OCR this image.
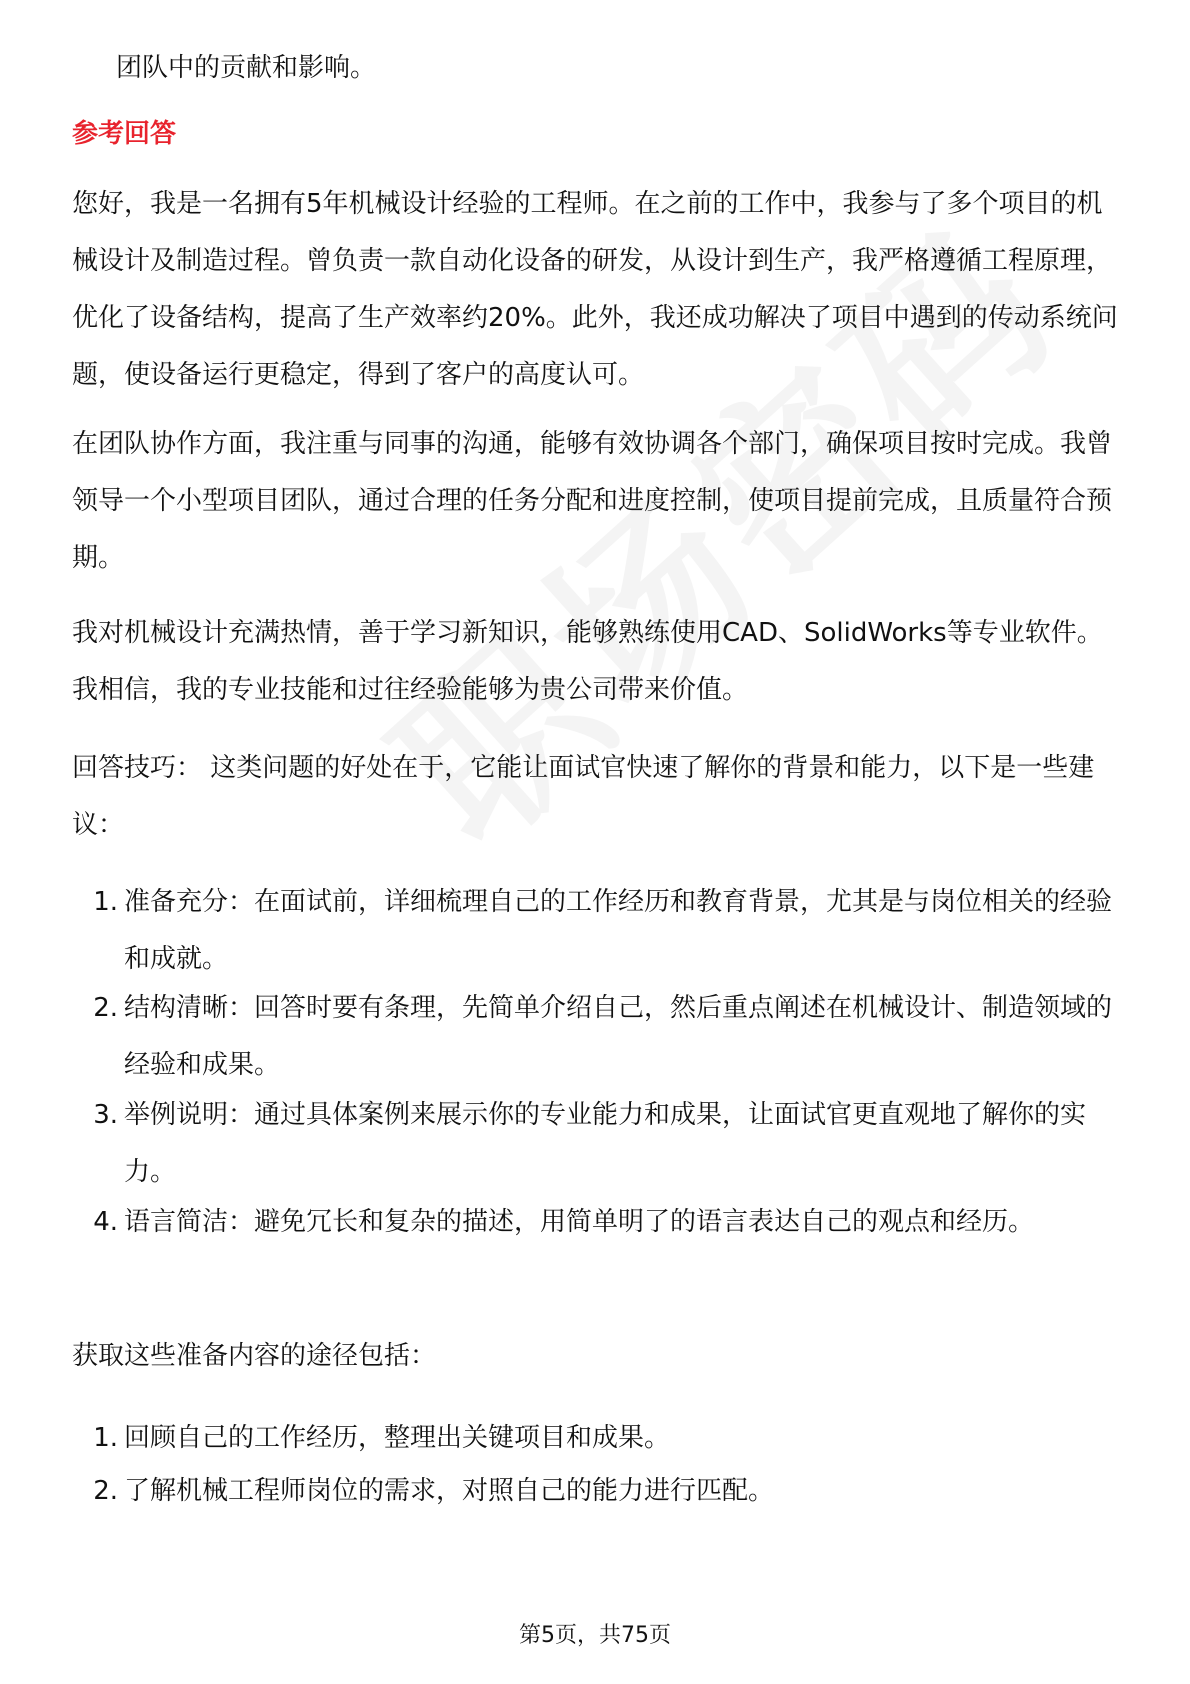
团队中的贡献和影响。

参考回答

您好，我是一名拥有5年机械设计经验的工程师。在之前的工作中，我参与了多个项目的机械设计及制造过程。曾负责一款自动化设备的研发，从设计到生产，我严格遵循工程原理，优化了设备结构，提高了生产效率约20%。此外，我还成功解决了项目中遇到的传动系统问题，使设备运行更稳定，得到了客户的高度认可。

在团队协作方面，我注重与同事的沟通，能够有效协调各个部门，确保项目按时完成。我曾领导一个小型项目团队，通过合理的任务分配和进度控制，使项目提前完成，且质量符合预期。

我对机械设计充满热情，善于学习新知识，能够熟练使用CAD、SolidWorks等专业软件。我相信，我的专业技能和过往经验能够为贵公司带来价值。

回答技巧： 这类问题的好处在于，它能让面试官快速了解你的背景和能力，以下是一些建议：

1. 准备充分：在面试前，详细梳理自己的工作经历和教育背景，尤其是与岗位相关的经验和成就。
2. 结构清晰：回答时要有条理，先简单介绍自己，然后重点阐述在机械设计、制造领域的经验和成果。
3. 举例说明：通过具体案例来展示你的专业能力和成果，让面试官更直观地了解你的实力。
4. 语言简洁：避免冗长和复杂的描述，用简单明了的语言表达自己的观点和经历。

获取这些准备内容的途径包括：

1. 回顾自己的工作经历，整理出关键项目和成果。
2. 了解机械工程师岗位的需求，对照自己的能力进行匹配。
第5页，共75页
